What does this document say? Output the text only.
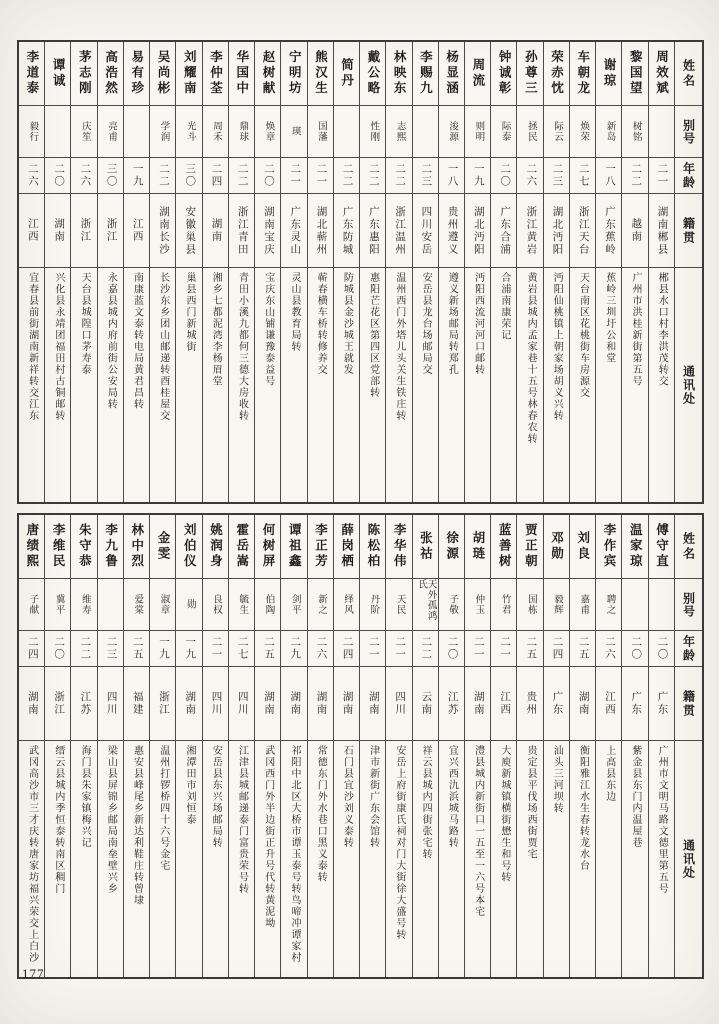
李道泰
毅行
二六
江西
宜春县前街湖南新祥转交江东
谭诚
二〇
湖南
兴化县永靖团福田村古铜邮转
茅志刚
庆笙
二六
浙江
天台县城隍口茅寿泰
高浩然
亮甫
三〇
浙江
永嘉县城内府前街公安局转
易有珍
一九
江西
南康蓝文泰转电局黄君昌转
吴尚彬
学润
二二
湖南长沙
长沙东乡团山邮递转酉桂屋交
刘耀南
光斗
三〇
安徽巢县
巢县西门新城街
李仲荃
周禾
二四
湖南
湘乡七都泥湾李杨眉堂
华国中
鼎球
二二
浙江青田
青田小溪九都何三德大房收转
赵树献
焕章
二〇
湖南宝庆
宝庆东山铺谦豫泰益号
宁明坊
瑛
二一
广东灵山
灵山县教育局转
熊汉生
国藩
二一
湖北蕲州
蕲春横车桥转修养交
简丹
二二
广东防城
防城县金沙城王就发
戴公略
性刚
二二
广东惠阳
惠阳芒花区第四区党部转
林映东
志熙
二二
浙江温州
温州西门外塔儿头关生铁庄转
李赐九
二三
四川安岳
安岳县龙台场邮局交
杨显涵
浚源
一八
贵州遵义
遵义新场邮局转郑孔
周流
则明
一九
湖北沔阳
沔阳西流河河口邮转
钟诚彰
际泰
二〇
广东合浦
合浦南康荣记
孙尊三
拯民
二六
浙江黄岩
黄岩县城内孟家巷十五号林春农转
荣赤忱
际云
二三
湖北沔阳
沔阳仙桃镇上朝家场胡义兴转
车朝龙
焕荣
二七
浙江天台
天台南区花桃街车房源交
谢琼
新岛
一八
广东蕉岭
蕉岭三圳圩公和堂
黎国望
树铭
二二
越南
广州市洪桂新街第五号
周效斌
二一
湖南郴县
郴县水口村李洪茂转交
姓名
别号
年龄
籍贯
通讯处
唐绩熙
子献
二四
湖南
武冈高沙市三才庆转唐家坊福兴荣交上白沙
李维民
冀平
二〇
浙江
缙云县城内季恒泰转南区稠门
朱守恭
维寿
二二
江苏
海门县朱家镇梅兴记
李九鲁
二三
四川
梁山县屏锦乡邮局南垒壁兴乡
林中烈
爱棠
二五
福建
惠安县峰尾乡新达利鞋庄转曾埭
金雯
淑章
一九
浙江
温州打锣桥四十六号金宅
刘伯仪
勋
一九
湖南
湘潭田市刘恒泰
姚润身
良权
二一
四川
安岳县东兴场邮局转
霍岳嵩
毓生
二七
四川
江津县城邮递泰门富贵荣号转
何树屏
伯陶
二五
湖南
武冈西门外半边街正升号代转黄泥坳
谭祖鑫
剑平
二九
湖南
祁阳中北区大桥市谭玉泰号转鸟啼冲谭家村
李正芳
新之
二六
湖南
常德东门外水巷口黑义泰转
薛岗栖
绎风
二四
湖南
石门县宜沙刘义泰转
陈松柏
丹阶
二一
湖南
津市新街广东会馆转
李华伟
天民
二一
四川
安岳上府街康氏祠对门大街徐大盛号转
张祜
天外孤鸿氏
二二
云南
祥云县城内四街张宅转
徐源
子敬
二〇
江苏
宜兴西氿浜城马路转
胡琏
仲玉
二一
湖南
澧县城内新街口一五至一六号本宅
蓝善树
竹君
二一
江西
大庾新城镇横街懋生和号转
贾正朝
国栋
二五
贵州
贵定县平伐场西街贾宅
邓勋
毅辉
二四
广东
汕头三河坝转
刘良
嘉甫
二五
湖南
衡阳雅江水生春转龙水台
李作宾
聘之
二六
江西
上高县东边
温家琼
二〇
广东
紫金县东门内温屋巷
傅守直
二〇
广东
广州市文明马路文德里第五号
姓名
别号
年龄
籍贯
通讯处
177
